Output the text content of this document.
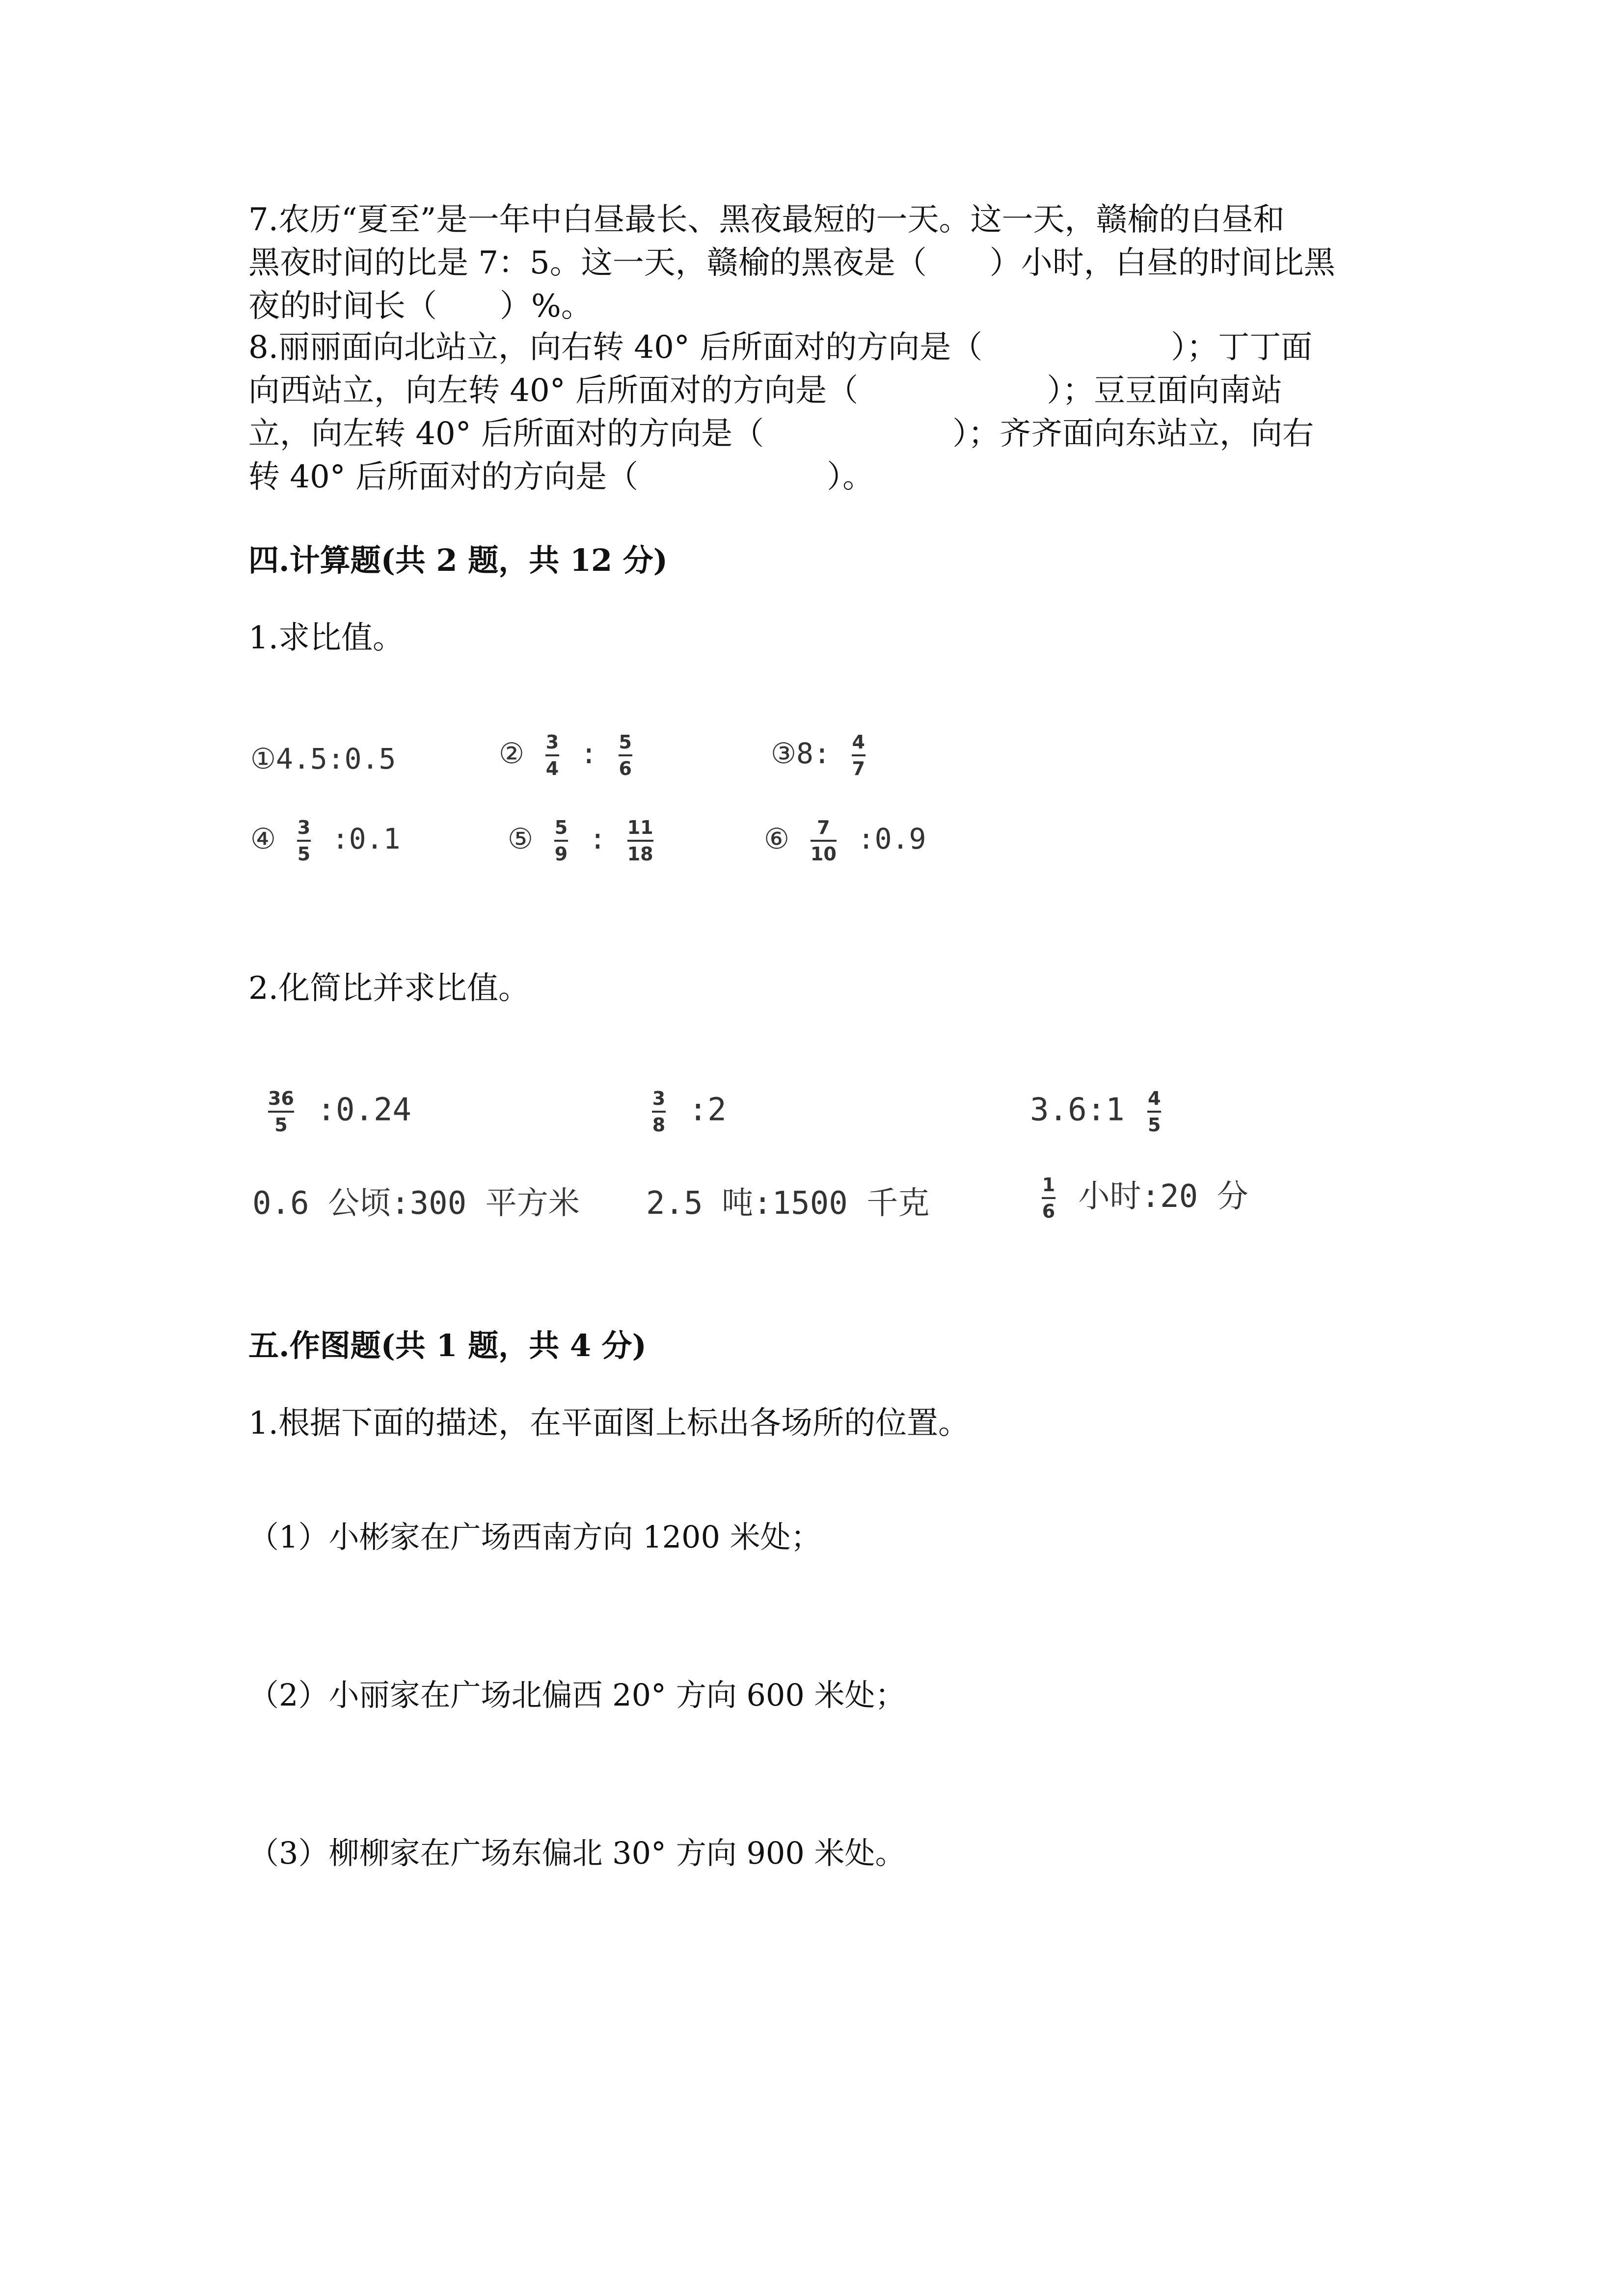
7.农历“夏至”是一年中白昼最长、黑夜最短的一天。这一天，赣榆的白昼和
黑夜时间的比是 7：5。这一天，赣榆的黑夜是（　　）小时，白昼的时间比黑
夜的时间长（　　）%。
8.丽丽面向北站立，向右转 40° 后所面对的方向是（　　　　　　）；丁丁面
向西站立，向左转 40° 后所面对的方向是（　　　　　　）；豆豆面向南站
立，向左转 40° 后所面对的方向是（　　　　　　）；齐齐面向东站立，向右
转 40° 后所面对的方向是（　　　　　　）。
四.计算题(共 2 题，共 12 分)
1.求比值。
①4.5:0.5	② $\frac{3}{4}$ : $\frac{5}{6}$	③8: $\frac{4}{7}$
④ $\frac{3}{5}$ :0.1	⑤ $\frac{5}{9}$ : $\frac{11}{18}$	⑥ $\frac{7}{10}$ :0.9
2.化简比并求比值。
$\frac{36}{5}$ :0.24	$\frac{3}{8}$ :2	3.6:1 $\frac{4}{5}$
0.6 公顷:300 平方米 2.5 吨:1500 千克	$\frac{1}{6}$ 小时:20 分
五.作图题(共 1 题，共 4 分)
1.根据下面的描述，在平面图上标出各场所的位置。
（1）小彬家在广场西南方向 1200 米处；
（2）小丽家在广场北偏西 20° 方向 600 米处；
（3）柳柳家在广场东偏北 30° 方向 900 米处。
